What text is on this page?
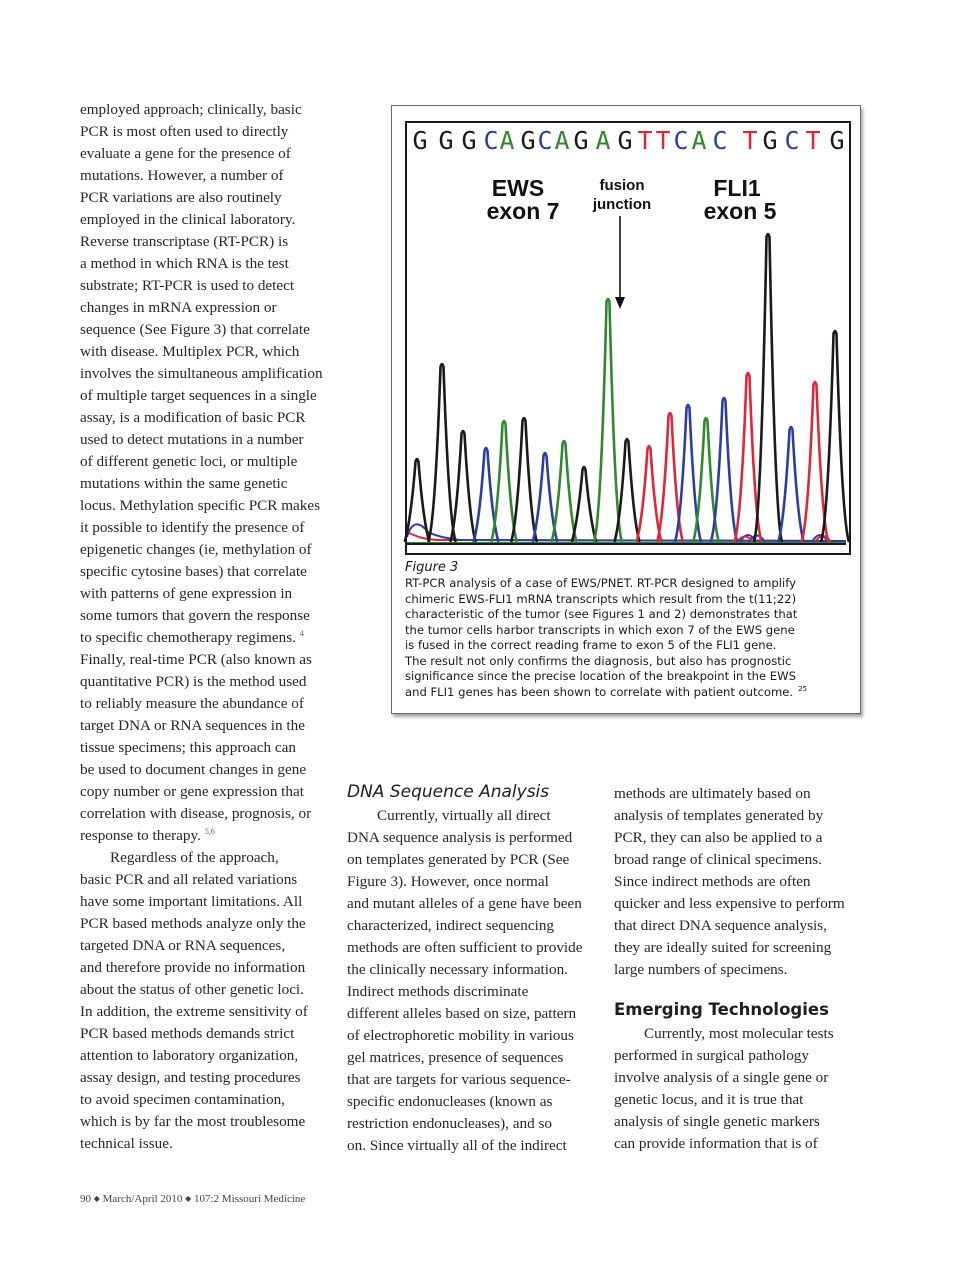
employed approach; clinically, basic
PCR is most often used to directly
evaluate a gene for the presence of
mutations. However, a number of
PCR variations are also routinely
employed in the clinical laboratory.
Reverse transcriptase (RT-PCR) is
a method in which RNA is the test
substrate; RT-PCR is used to detect
changes in mRNA expression or
sequence (See Figure 3) that correlate
with disease. Multiplex PCR, which
involves the simultaneous amplification
of multiple target sequences in a single
assay, is a modification of basic PCR
used to detect mutations in a number
of different genetic loci, or multiple
mutations within the same genetic
locus. Methylation specific PCR makes
it possible to identify the presence of
epigenetic changes (ie, methylation of
specific cytosine bases) that correlate
with patterns of gene expression in
some tumors that govern the response
to specific chemotherapy regimens. $^4$
Finally, real-time PCR (also known as
quantitative PCR) is the method used
to reliably measure the abundance of
target DNA or RNA sequences in the
tissue specimens; this approach can
be used to document changes in gene
copy number or gene expression that
correlation with disease, prognosis, or
response to therapy. $^{5,6}$
Regardless of the approach,
basic PCR and all related variations
have some important limitations. All
PCR based methods analyze only the
targeted DNA or RNA sequences,
and therefore provide no information
about the status of other genetic loci.
In addition, the extreme sensitivity of
PCR based methods demands strict
attention to laboratory organization,
assay design, and testing procedures
to avoid specimen contamination,
which is by far the most troublesome
technical issue.
DNA Sequence Analysis
Currently, virtually all direct
DNA sequence analysis is performed
on templates generated by PCR (See
Figure 3). However, once normal
and mutant alleles of a gene have been
characterized, indirect sequencing
methods are often sufficient to provide
the clinically necessary information.
Indirect methods discriminate
different alleles based on size, pattern
of electrophoretic mobility in various
gel matrices, presence of sequences
that are targets for various sequence-
specific endonucleases (known as
restriction endonucleases), and so
on. Since virtually all of the indirect
methods are ultimately based on
analysis of templates generated by
PCR, they can also be applied to a
broad range of clinical specimens.
Since indirect methods are often
quicker and less expensive to perform
that direct DNA sequence analysis,
they are ideally suited for screening
large numbers of specimens.
Emerging Technologies
Currently, most molecular tests
performed in surgical pathology
involve analysis of a single gene or
genetic locus, and it is true that
analysis of single genetic markers
can provide information that is of
G G G C A G C A G A G T T C A C T G C T G
EWS
exon 7
fusion
junction
FLI1
exon 5
Figure 3
RT-PCR analysis of a case of EWS/PNET. RT-PCR designed to amplify
chimeric EWS-FLI1 mRNA transcripts which result from the t(11;22)
characteristic of the tumor (see Figures 1 and 2) demonstrates that
the tumor cells harbor transcripts in which exon 7 of the EWS gene
is fused in the correct reading frame to exon 5 of the FLI1 gene.
The result not only confirms the diagnosis, but also has prognostic
significance since the precise location of the breakpoint in the EWS
and FLI1 genes has been shown to correlate with patient outcome. $^{25}$
90 ◆ March/April 2010 ◆ 107:2 Missouri Medicine
